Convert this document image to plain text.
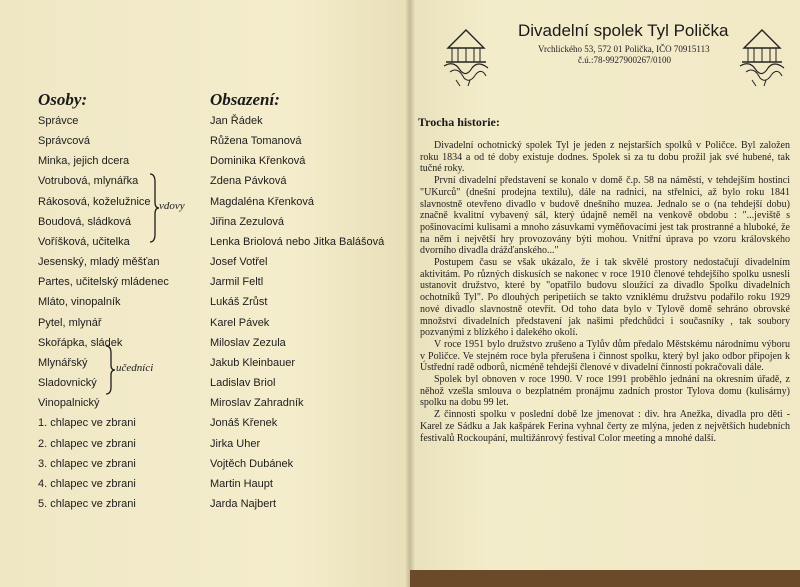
Osoby:	Obsazení:
Správce
Správcová
Minka, jejich dcera
Votrubová, mlynářka
Rákosová, koželužnice
Boudová, sládková
Voříšková, učitelka
Jesenský, mladý měšťan
Partes, učitelský mládenec
Mláto, vinopalník
Pytel, mlynář
Skořápka, sládek
Mlynářský
Sladovnický
Vinopalnický
1. chlapec ve zbrani
2. chlapec ve zbrani
3. chlapec ve zbrani
4. chlapec ve zbrani
5. chlapec ve zbrani
Jan Řádek
Růžena Tomanová
Dominika Křenková
Zdena Pávková
Magdaléna Křenková
Jiřina Zezulová
Lenka Briolová nebo Jitka Balášová
Josef Votřel
Jarmil Feltl
Lukáš Zrůst
Karel Pávek
Miloslav Zezula
Jakub Kleinbauer
Ladislav Briol
Miroslav Zahradník
Jonáš Křenek
Jirka Uher
Vojtěch Dubánek
Martin Haupt
Jarda Najbert
vdovy
učedníci
Divadelní spolek Tyl Polička
Vrchlického 53, 572 01 Polička, IČO 70915113
č.ú.:78-9927900267/0100
Trocha historie:

Divadelní ochotnický spolek Tyl je jeden z nejstarších spolků v Poličce. Byl založen roku 1834 a od té doby existuje dodnes. Spolek si za tu dobu prožil jak své hubené, tak tučné roky.

První divadelní představení se konalo v domě č.p. 58 na náměstí, v tehdejším hostinci "UKurců" (dnešní prodejna textilu), dále na radnici, na střelnici, až bylo roku 1841 slavnostně otevřeno divadlo v budově dnešního muzea. Jednalo se o (na tehdejší dobu) značně kvalitní vybavený sál, který údajně neměl na venkově obdobu : "...jeviště s pošinovacími kulisami a mnoho zásuvkami vyměňovacími jest tak prostranné a hluboké, že na něm i největší hry provozovány býti mohou. Vnitřní úprava po vzoru královského dvorního divadla drážďanského..."

Postupem času se však ukázalo, že i tak skvělé prostory nedostačují divadelním aktivitám. Po různých diskusích se nakonec v roce 1910 členové tehdejšího spolku usnesli ustanovit družstvo, které by "opatřilo budovu sloužící za divadlo Spolku divadelních ochotníků Tyl". Po dlouhých peripetiích se takto vzniklému družstvu podařilo roku 1929 nové divadlo slavnostně otevřít. Od toho data bylo v Tylově domě sehráno obrovské množství divadelních představení jak našimi předchůdci i současníky , tak soubory pozvanými z blízkého i dalekého okolí.

V roce 1951 bylo družstvo zrušeno a Tylův dům předalo Městskému národnímu výboru v Poličce. Ve stejném roce byla přerušena i činnost spolku, který byl jako odbor připojen k Ústřední radě odborů, nicméně tehdejší členové v divadelní činnosti pokračovali dále.

Spolek byl obnoven v roce 1990. V roce 1991 proběhlo jednání na okresním úřadě, z něhož vzešla smlouva o bezplatném pronájmu zadních prostor Tylova domu (kulisárny) spolku na dobu 99 let.

Z činnosti spolku v poslední době lze jmenovat : div. hra Anežka, divadla pro děti - Karel ze Sádku a Jak kašpárek Ferina vyhnal čerty ze mlýna, jeden z největších hudebních festivalů Rockoupání, multižánrový festival Color meeting a mnohé další.
